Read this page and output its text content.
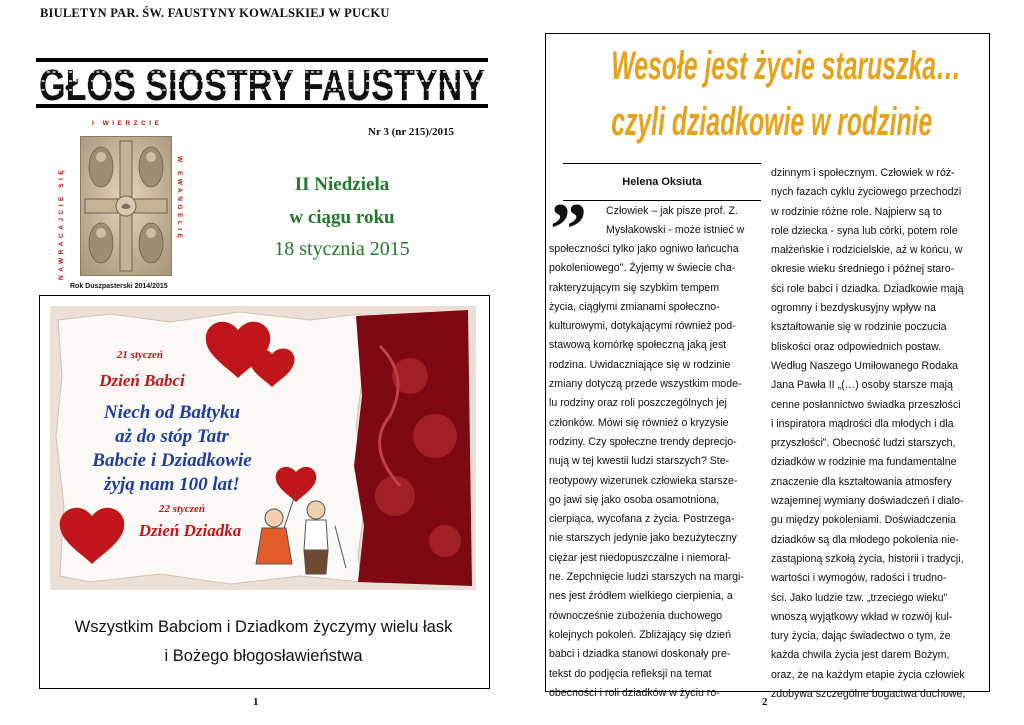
BIULETYN PAR. ŚW. FAUSTYNY KOWALSKIEJ W PUCKU
GŁOS SIOSTRY FAUSTYNY
Nr 3 (nr 215)/2015
I WIERZCIE
NAWRACAJCIE SIĘ	W EWANGELIĘ
Rok Duszpasterski 2014/2015
II Niedziela
w ciągu roku
18 stycznia 2015
21 styczeń
Dzień Babci
Niech od Bałtyku
aż do stóp Tatr
Babcie i Dziadkowie
żyją nam 100 lat!
22 styczeń
Dzień Dziadka
Wszystkim Babciom i Dziadkom życzymy wielu łask
i Bożego błogosławieństwa
1
Wesołe jest życie staruszka…
czyli dziadkowie w rodzinie
Helena Oksiuta
” Człowiek – jak pisze prof. Z.
Mysłakowski - może istnieć w
społeczności tylko jako ogniwo łańcucha
pokoleniowego". Żyjemy w świecie cha-
rakteryzującym się szybkim tempem
życia, ciągłymi zmianami społeczno-
kulturowymi, dotykającymi również pod-
stawową komórkę społeczną jaką jest
rodzina. Uwidaczniające się w rodzinie
zmiany dotyczą przede wszystkim mode-
lu rodziny oraz roli poszczególnych jej
członków. Mówi się również o kryzysie
rodziny. Czy społeczne trendy deprecjo-
nują w tej kwestii ludzi starszych? Ste-
reotypowy wizerunek człowieka starsze-
go jawi się jako osoba osamotniona,
cierpiąca, wycofana z życia. Postrzega-
nie starszych jedynie jako bezużyteczny
ciężar jest niedopuszczalne i niemoral-
ne. Zepchnięcie ludzi starszych na margi-
nes jest źródłem wielkiego cierpienia, a
równocześnie zubożenia duchowego
kolejnych pokoleń. Zbliżający się dzień
babci i dziadka stanowi doskonały pre-
tekst do podjęcia refleksji na temat
obecności i roli dziadków w życiu ro-
dzinnym i społecznym. Człowiek w róż-
nych fazach cyklu życiowego przechodzi
w rodzinie różne role. Najpierw są to
role dziecka - syna lub córki, potem role
małżeńskie i rodzicielskie, aż w końcu, w
okresie wieku średniego i późnej staro-
ści role babci i dziadka. Dziadkowie mają
ogromny i bezdyskusyjny wpływ na
kształtowanie się w rodzinie poczucia
bliskości oraz odpowiednich postaw.
Według Naszego Umiłowanego Rodaka
Jana Pawła II „(…) osoby starsze mają
cenne posłannictwo świadka przeszłości
i inspiratora mądrości dla młodych i dla
przyszłości". Obecność ludzi starszych,
dziadków w rodzinie ma fundamentalne
znaczenie dla kształtowania atmosfery
wzajemnej wymiany doświadczeń i dialo-
gu między pokoleniami. Doświadczenia
dziadków są dla młodego pokolenia nie-
zastąpioną szkołą życia, historii i tradycji,
wartości i wymogów, radości i trudno-
ści. Jako ludzie tzw. „trzeciego wieku"
wnoszą wyjątkowy wkład w rozwój kul-
tury życia, dając świadectwo o tym, że
każda chwila życia jest darem Bożym,
oraz, że na każdym etapie życia człowiek
zdobywa szczególne bogactwa duchowe,
2
